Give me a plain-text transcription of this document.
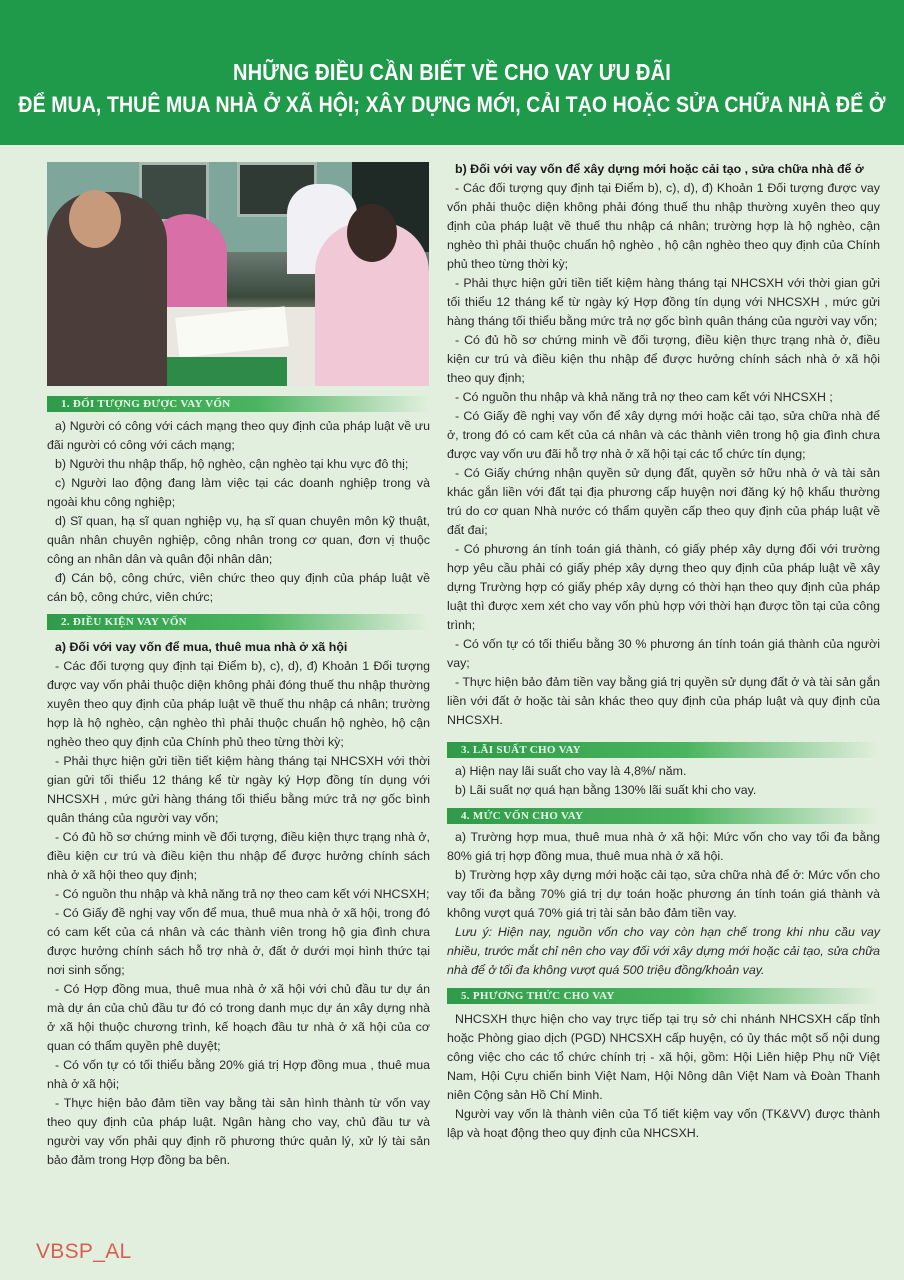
NHỮNG ĐIỀU CẦN BIẾT VỀ CHO VAY ƯU ĐÃI
ĐỂ MUA, THUÊ MUA NHÀ Ở XÃ HỘI; XÂY DỰNG MỚI, CẢI TẠO HOẶC SỬA CHỮA NHÀ ĐỂ Ở
1. ĐỐI TƯỢNG ĐƯỢC VAY VỐN

a) Người có công với cách mạng theo quy định của pháp luật về ưu đãi người có công với cách mạng;

b) Người thu nhập thấp, hộ nghèo, cận nghèo tại khu vực đô thị;

c) Người lao động đang làm việc tại các doanh nghiệp trong và ngoài khu công nghiệp;

d) Sĩ quan, hạ sĩ quan nghiệp vụ, hạ sĩ quan chuyên môn kỹ thuật, quân nhân chuyên nghiệp, công nhân trong cơ quan, đơn vị thuộc công an nhân dân và quân đội nhân dân;

đ) Cán bộ, công chức, viên chức theo quy định của pháp luật về cán bộ, công chức, viên chức;

2. ĐIỀU KIỆN VAY VỐN

a) Đối với vay vốn để mua, thuê mua nhà ở xã hội

- Các đối tượng quy định tại Điểm b), c), d), đ) Khoản 1 Đối tượng được vay vốn phải thuộc diện không phải đóng thuế thu nhập thường xuyên theo quy định của pháp luật về thuế thu nhập cá nhân; trường hợp là hộ nghèo, cận nghèo thì phải thuộc chuẩn hộ nghèo, hộ cận nghèo theo quy định của Chính phủ theo từng thời kỳ;

- Phải thực hiện gửi tiền tiết kiệm hàng tháng tại NHCSXH với thời gian gửi tối thiểu 12 tháng kể từ ngày ký Hợp đồng tín dụng với NHCSXH , mức gửi hàng tháng tối thiểu bằng mức trả nợ gốc bình quân tháng của người vay vốn;

- Có đủ hồ sơ chứng minh về đối tượng, điều kiện thực trạng nhà ở, điều kiện cư trú và điều kiện thu nhập để được hưởng chính sách nhà ở xã hội theo quy định;

- Có nguồn thu nhập và khả năng trả nợ theo cam kết với NHCSXH;

- Có Giấy đề nghị vay vốn để mua, thuê mua nhà ở xã hội, trong đó có cam kết của cá nhân và các thành viên trong hộ gia đình chưa được hưởng chính sách hỗ trợ nhà ở, đất ở dưới mọi hình thức tại nơi sinh sống;

- Có Hợp đồng mua, thuê mua nhà ở xã hội với chủ đầu tư dự án mà dự án của chủ đầu tư đó có trong danh mục dự án xây dựng nhà ở xã hội thuộc chương trình, kế hoạch đầu tư nhà ở xã hội của cơ quan có thẩm quyền phê duyệt;

- Có vốn tự có tối thiểu bằng 20% giá trị Hợp đồng mua , thuê mua nhà ở xã hội;

- Thực hiện bảo đảm tiền vay bằng tài sản hình thành từ vốn vay theo quy định của pháp luật. Ngân hàng cho vay, chủ đầu tư và người vay vốn phải quy định rõ phương thức quản lý, xử lý tài sản bảo đảm trong Hợp đồng ba bên.

b) Đối với vay vốn để xây dựng mới hoặc cải tạo , sửa chữa nhà để ở

- Các đối tượng quy định tại Điểm b), c), d), đ) Khoản 1 Đối tượng được vay vốn phải thuộc diện không phải đóng thuế thu nhập thường xuyên theo quy định của pháp luật về thuế thu nhập cá nhân; trường hợp là hộ nghèo, cận nghèo thì phải thuộc chuẩn hộ nghèo , hộ cận nghèo theo quy định của Chính phủ theo từng thời kỳ;

- Phải thực hiện gửi tiền tiết kiệm hàng tháng tại NHCSXH với thời gian gửi tối thiểu 12 tháng kể từ ngày ký Hợp đồng tín dụng với NHCSXH , mức gửi hàng tháng tối thiểu bằng mức trả nợ gốc bình quân tháng của người vay vốn;

- Có đủ hồ sơ chứng minh về đối tượng, điều kiện thực trạng nhà ở, điều kiện cư trú và điều kiện thu nhập để được hưởng chính sách nhà ở xã hội theo quy định;

- Có nguồn thu nhập và khả năng trả nợ theo cam kết với NHCSXH ;

- Có Giấy đề nghị vay vốn để xây dựng mới hoặc cải tạo, sửa chữa nhà để ở, trong đó có cam kết của cá nhân và các thành viên trong hộ gia đình chưa được vay vốn ưu đãi hỗ trợ nhà ở xã hội tại các tổ chức tín dụng;

- Có Giấy chứng nhận quyền sử dụng đất, quyền sở hữu nhà ở và tài sản khác gắn liền với đất tại địa phương cấp huyện nơi đăng ký hộ khẩu thường trú do cơ quan Nhà nước có thẩm quyền cấp theo quy định của pháp luật về đất đai;

- Có phương án tính toán giá thành, có giấy phép xây dựng đối với trường hợp yêu cầu phải có giấy phép xây dựng theo quy định của pháp luật về xây dựng Trường hợp có giấy phép xây dựng có thời hạn theo quy định của pháp luật thì được xem xét cho vay vốn phù hợp với thời hạn được tồn tại của công trình;

- Có vốn tự có tối thiểu bằng 30 % phương án tính toán giá thành của người vay;

- Thực hiện bảo đảm tiền vay bằng giá trị quyền sử dụng đất ở và tài sản gắn liền với đất ở hoặc tài sản khác theo quy định của pháp luật và quy định của NHCSXH.

3. LÃI SUẤT CHO VAY

a) Hiện nay lãi suất cho vay là 4,8%/ năm.

b) Lãi suất nợ quá hạn bằng 130% lãi suất khi cho vay.

4. MỨC VỐN CHO VAY

a) Trường hợp mua, thuê mua nhà ở xã hội: Mức vốn cho vay tối đa bằng 80% giá trị hợp đồng mua, thuê mua nhà ở xã hội.

b) Trường hợp xây dựng mới hoặc cải tạo, sửa chữa nhà để ở: Mức vốn cho vay tối đa bằng 70% giá trị dự toán hoặc phương án tính toán giá thành và không vượt quá 70% giá trị tài sản bảo đảm tiền vay.

Lưu ý: Hiện nay, nguồn vốn cho vay còn hạn chế trong khi nhu cầu vay nhiều, trước mắt chỉ nên cho vay đối với xây dựng mới hoặc cải tạo, sửa chữa nhà để ở tối đa không vượt quá 500 triệu đồng/khoản vay.

5. PHƯƠNG THỨC CHO VAY

NHCSXH thực hiện cho vay trực tiếp tại trụ sở chi nhánh NHCSXH cấp tỉnh hoặc Phòng giao dịch (PGD) NHCSXH cấp huyện, có ủy thác một số nội dung công việc cho các tổ chức chính trị - xã hội, gồm: Hội Liên hiệp Phụ nữ Việt Nam, Hội Cựu chiến binh Việt Nam, Hội Nông dân Việt Nam và Đoàn Thanh niên Cộng sản Hồ Chí Minh.

Người vay vốn là thành viên của Tổ tiết kiệm vay vốn (TK&VV) được thành lập và hoạt động theo quy định của NHCSXH.

VBSP_AL
